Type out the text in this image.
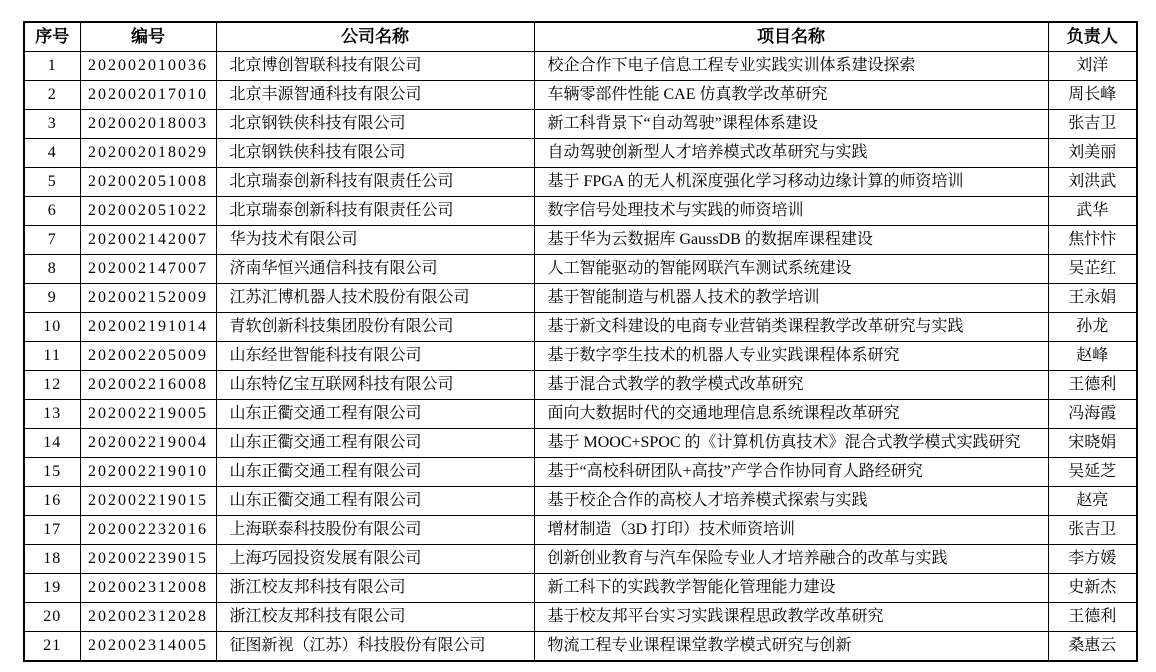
序号	编号	公司名称	项目名称	负责人
1	202002010036	北京博创智联科技有限公司	校企合作下电子信息工程专业实践实训体系建设探索	刘洋
2	202002017010	北京丰源智通科技有限公司	车辆零部件性能 CAE 仿真教学改革研究	周长峰
3	202002018003	北京钢铁侠科技有限公司	新工科背景下“自动驾驶”课程体系建设	张吉卫
4	202002018029	北京钢铁侠科技有限公司	自动驾驶创新型人才培养模式改革研究与实践	刘美丽
5	202002051008	北京瑞泰创新科技有限责任公司	基于 FPGA 的无人机深度强化学习移动边缘计算的师资培训	刘洪武
6	202002051022	北京瑞泰创新科技有限责任公司	数字信号处理技术与实践的师资培训	武华
7	202002142007	华为技术有限公司	基于华为云数据库 GaussDB 的数据库课程建设	焦忭忭
8	202002147007	济南华恒兴通信科技有限公司	人工智能驱动的智能网联汽车测试系统建设	吴芷红
9	202002152009	江苏汇博机器人技术股份有限公司	基于智能制造与机器人技术的教学培训	王永娟
10	202002191014	青软创新科技集团股份有限公司	基于新文科建设的电商专业营销类课程教学改革研究与实践	孙龙
11	202002205009	山东经世智能科技有限公司	基于数字孪生技术的机器人专业实践课程体系研究	赵峰
12	202002216008	山东特亿宝互联网科技有限公司	基于混合式教学的教学模式改革研究	王德利
13	202002219005	山东正衢交通工程有限公司	面向大数据时代的交通地理信息系统课程改革研究	冯海霞
14	202002219004	山东正衢交通工程有限公司	基于 MOOC+SPOC 的《计算机仿真技术》混合式教学模式实践研究	宋晓娟
15	202002219010	山东正衢交通工程有限公司	基于“高校科研团队+高技”产学合作协同育人路经研究	吴延芝
16	202002219015	山东正衢交通工程有限公司	基于校企合作的高校人才培养模式探索与实践	赵亮
17	202002232016	上海联泰科技股份有限公司	增材制造（3D 打印）技术师资培训	张吉卫
18	202002239015	上海巧园投资发展有限公司	创新创业教育与汽车保险专业人才培养融合的改革与实践	李方媛
19	202002312008	浙江校友邦科技有限公司	新工科下的实践教学智能化管理能力建设	史新杰
20	202002312028	浙江校友邦科技有限公司	基于校友邦平台实习实践课程思政教学改革研究	王德利
21	202002314005	征图新视（江苏）科技股份有限公司	物流工程专业课程课堂教学模式研究与创新	桑惠云
